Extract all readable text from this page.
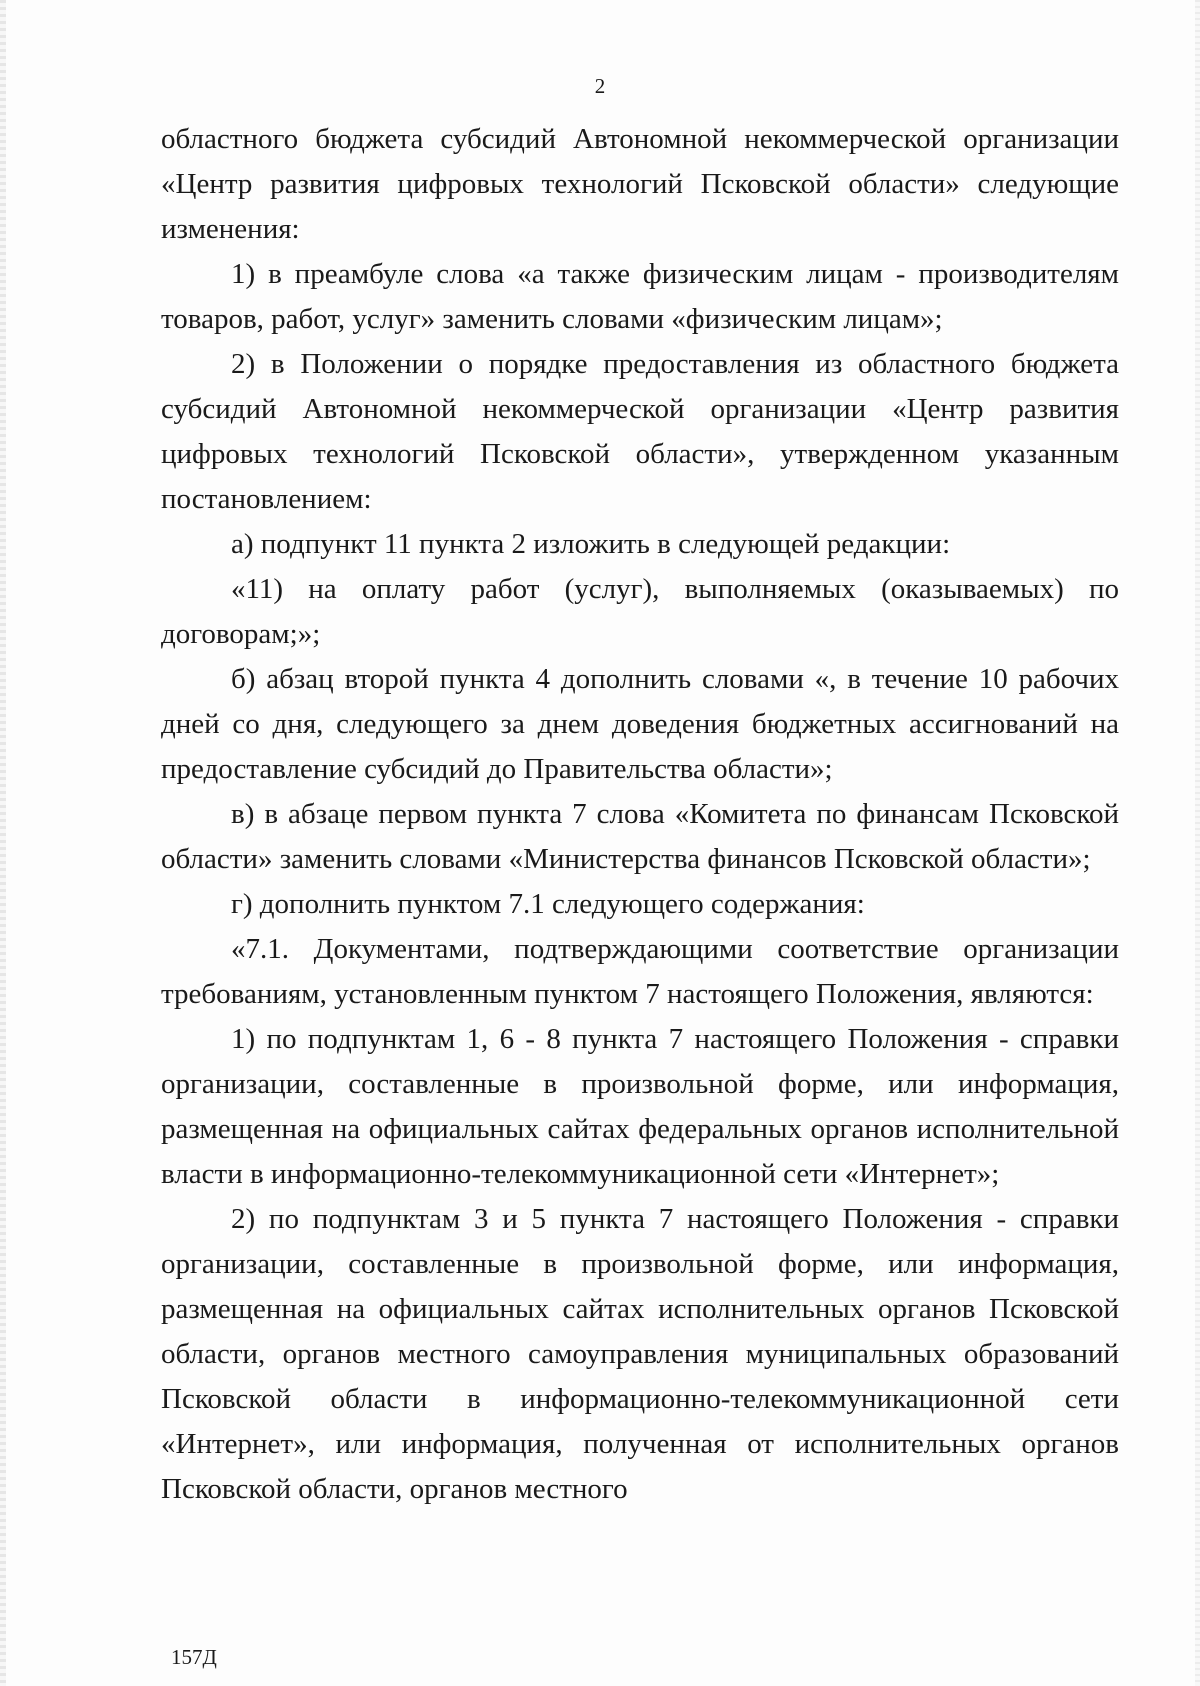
2

областного бюджета субсидий Автономной некоммерческой организации «Центр развития цифровых технологий Псковской области» следующие изменения:

1) в преамбуле слова «а также физическим лицам - производителям товаров, работ, услуг» заменить словами «физическим лицам»;

2) в Положении о порядке предоставления из областного бюджета субсидий Автономной некоммерческой организации «Центр развития цифровых технологий Псковской области», утвержденном указанным постановлением:

а) подпункт 11 пункта 2 изложить в следующей редакции:

«11) на оплату работ (услуг), выполняемых (оказываемых) по договорам;»;

б) абзац второй пункта 4 дополнить словами «, в течение 10 рабочих дней со дня, следующего за днем доведения бюджетных ассигнований на предоставление субсидий до Правительства области»;

в) в абзаце первом пункта 7 слова «Комитета по финансам Псковской области» заменить словами «Министерства финансов Псковской области»;

г) дополнить пунктом 7.1 следующего содержания:

«7.1. Документами, подтверждающими соответствие организации требованиям, установленным пунктом 7 настоящего Положения, являются:

1) по подпунктам 1, 6 - 8 пункта 7 настоящего Положения - справки организации, составленные в произвольной форме, или информация, размещенная на официальных сайтах федеральных органов исполнительной власти в информационно-телекоммуникационной сети «Интернет»;

2) по подпунктам 3 и 5 пункта 7 настоящего Положения - справки организации, составленные в произвольной форме, или информация, размещенная на официальных сайтах исполнительных органов Псковской области, органов местного самоуправления муниципальных образований Псковской области в информационно-телекоммуникационной сети «Интернет», или информация, полученная от исполнительных органов Псковской области, органов местного

157Д
